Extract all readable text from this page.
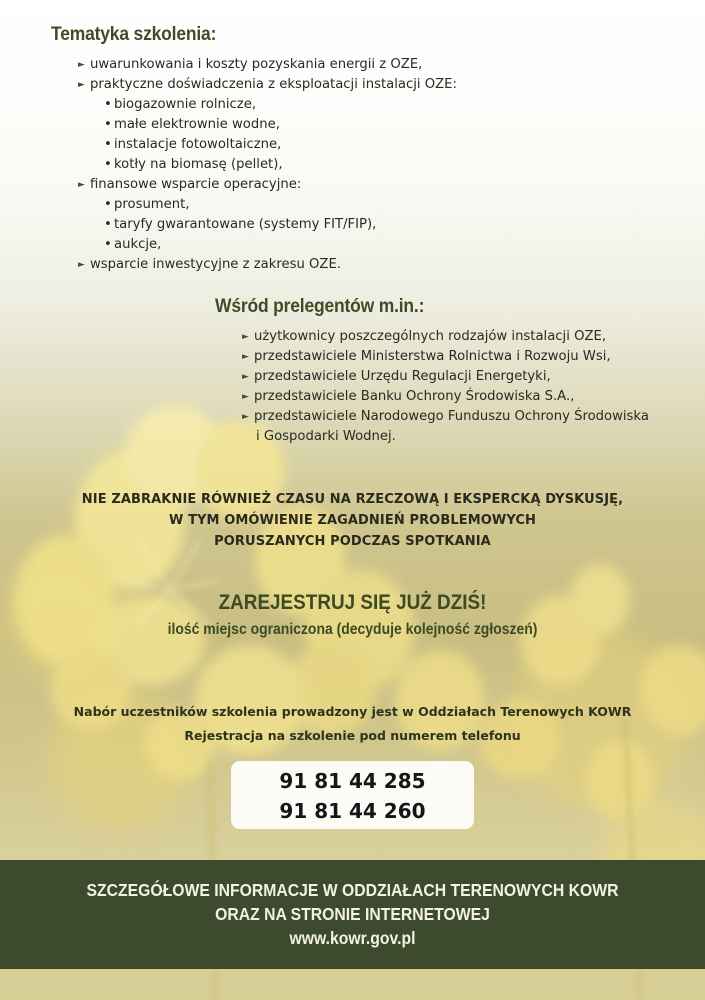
Tematyka szkolenia:
► uwarunkowania i koszty pozyskania energii z OZE,
► praktyczne doświadczenia z eksploatacji instalacji OZE:
• biogazownie rolnicze,
• małe elektrownie wodne,
• instalacje fotowoltaiczne,
• kotły na biomasę (pellet),
► finansowe wsparcie operacyjne:
• prosument,
• taryfy gwarantowane (systemy FIT/FIP),
• aukcje,
► wsparcie inwestycyjne z zakresu OZE.
Wśród prelegentów m.in.:
► użytkownicy poszczególnych rodzajów instalacji OZE,
► przedstawiciele Ministerstwa Rolnictwa i Rozwoju Wsi,
► przedstawiciele Urzędu Regulacji Energetyki,
► przedstawiciele Banku Ochrony Środowiska S.A.,
► przedstawiciele Narodowego Funduszu Ochrony Środowiska
i Gospodarki Wodnej.
NIE ZABRAKNIE RÓWNIEŻ CZASU NA RZECZOWĄ I EKSPERCKĄ DYSKUSJĘ,
W TYM OMÓWIENIE ZAGADNIEŃ PROBLEMOWYCH
PORUSZANYCH PODCZAS SPOTKANIA
ZAREJESTRUJ SIĘ JUŻ DZIŚ!
ilość miejsc ograniczona (decyduje kolejność zgłoszeń)
Nabór uczestników szkolenia prowadzony jest w Oddziałach Terenowych KOWR
Rejestracja na szkolenie pod numerem telefonu
91 81 44 285
91 81 44 260
SZCZEGÓŁOWE INFORMACJE W ODDZIAŁACH TERENOWYCH KOWR
ORAZ NA STRONIE INTERNETOWEJ
www.kowr.gov.pl
